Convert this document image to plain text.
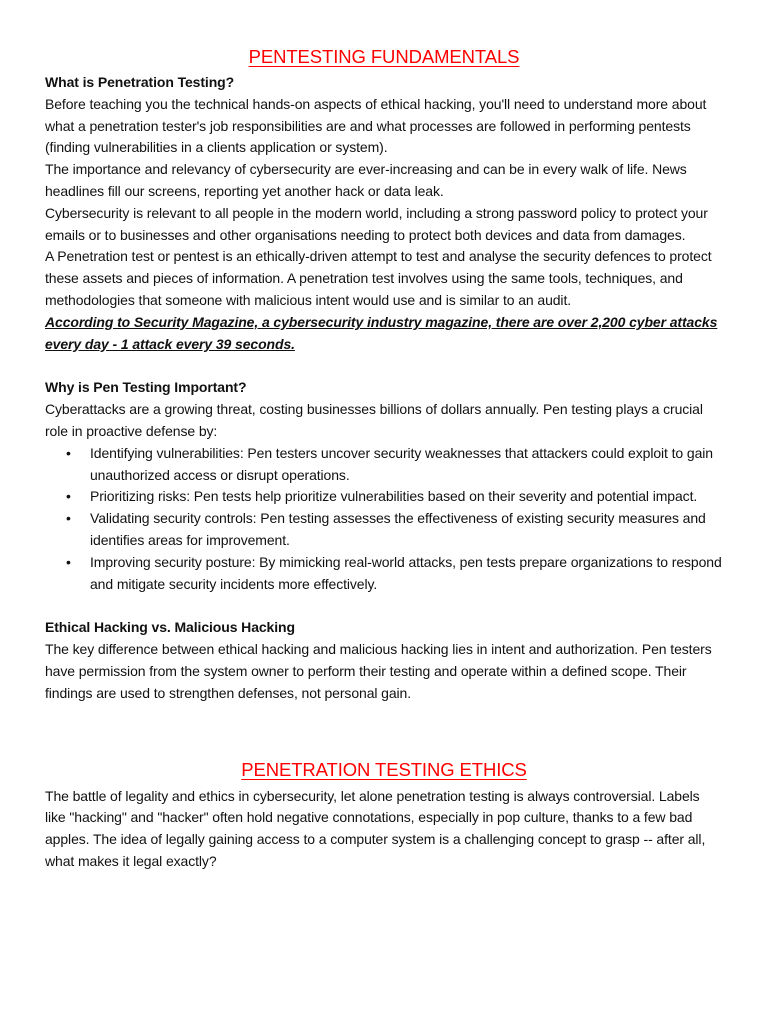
PENTESTING FUNDAMENTALS

What is Penetration Testing?

Before teaching you the technical hands-on aspects of ethical hacking, you'll need to understand more about what a penetration tester's job responsibilities are and what processes are followed in performing pentests (finding vulnerabilities in a clients application or system).

The importance and relevancy of cybersecurity are ever-increasing and can be in every walk of life. News headlines fill our screens, reporting yet another hack or data leak.

Cybersecurity is relevant to all people in the modern world, including a strong password policy to protect your emails or to businesses and other organisations needing to protect both devices and data from damages.

A Penetration test or pentest is an ethically-driven attempt to test and analyse the security defences to protect these assets and pieces of information. A penetration test involves using the same tools, techniques, and methodologies that someone with malicious intent would use and is similar to an audit.

According to Security Magazine, a cybersecurity industry magazine, there are over 2,200 cyber attacks every day - 1 attack every 39 seconds.

Why is Pen Testing Important?

Cyberattacks are a growing threat, costing businesses billions of dollars annually. Pen testing plays a crucial role in proactive defense by:

• Identifying vulnerabilities: Pen testers uncover security weaknesses that attackers could exploit to gain unauthorized access or disrupt operations.
• Prioritizing risks: Pen tests help prioritize vulnerabilities based on their severity and potential impact.
• Validating security controls: Pen testing assesses the effectiveness of existing security measures and identifies areas for improvement.
• Improving security posture: By mimicking real-world attacks, pen tests prepare organizations to respond and mitigate security incidents more effectively.

Ethical Hacking vs. Malicious Hacking

The key difference between ethical hacking and malicious hacking lies in intent and authorization. Pen testers have permission from the system owner to perform their testing and operate within a defined scope. Their findings are used to strengthen defenses, not personal gain.

PENETRATION TESTING ETHICS

The battle of legality and ethics in cybersecurity, let alone penetration testing is always controversial. Labels like "hacking" and "hacker" often hold negative connotations, especially in pop culture, thanks to a few bad apples. The idea of legally gaining access to a computer system is a challenging concept to grasp -- after all, what makes it legal exactly?
